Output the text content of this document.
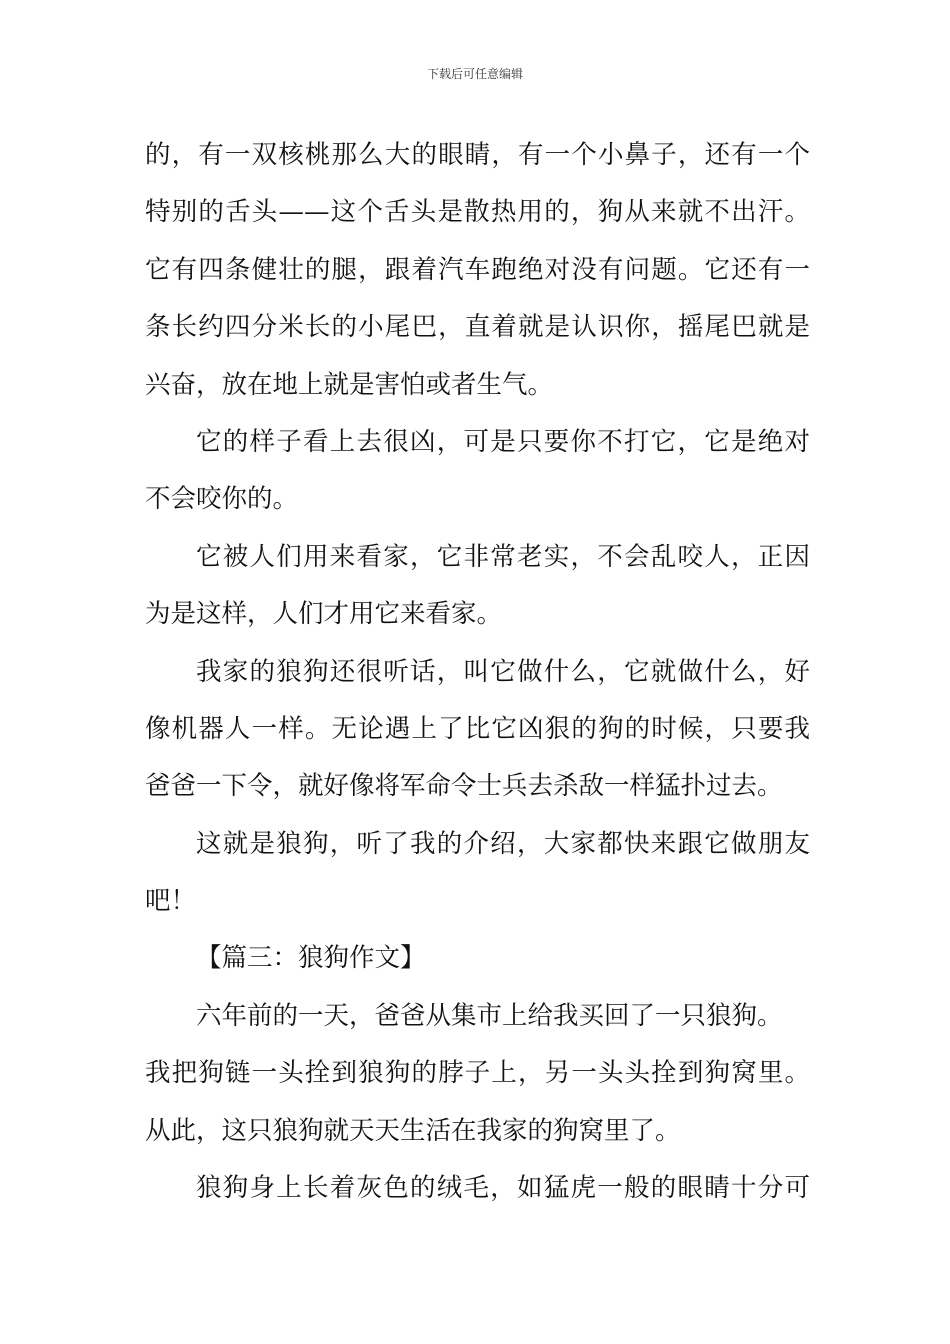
下载后可任意编辑
的，有一双核桃那么大的眼睛，有一个小鼻子，还有一个
特别的舌头——这个舌头是散热用的，狗从来就不出汗。
它有四条健壮的腿，跟着汽车跑绝对没有问题。它还有一
条长约四分米长的小尾巴，直着就是认识你，摇尾巴就是
兴奋，放在地上就是害怕或者生气。
它的样子看上去很凶，可是只要你不打它，它是绝对
不会咬你的。
它被人们用来看家，它非常老实，不会乱咬人，正因
为是这样，人们才用它来看家。
我家的狼狗还很听话，叫它做什么，它就做什么，好
像机器人一样。无论遇上了比它凶狠的狗的时候，只要我
爸爸一下令，就好像将军命令士兵去杀敌一样猛扑过去。
这就是狼狗，听了我的介绍，大家都快来跟它做朋友
吧！
【篇三：狼狗作文】
六年前的一天，爸爸从集市上给我买回了一只狼狗。
我把狗链一头拴到狼狗的脖子上，另一头头拴到狗窝里。
从此，这只狼狗就天天生活在我家的狗窝里了。
狼狗身上长着灰色的绒毛，如猛虎一般的眼睛十分可
